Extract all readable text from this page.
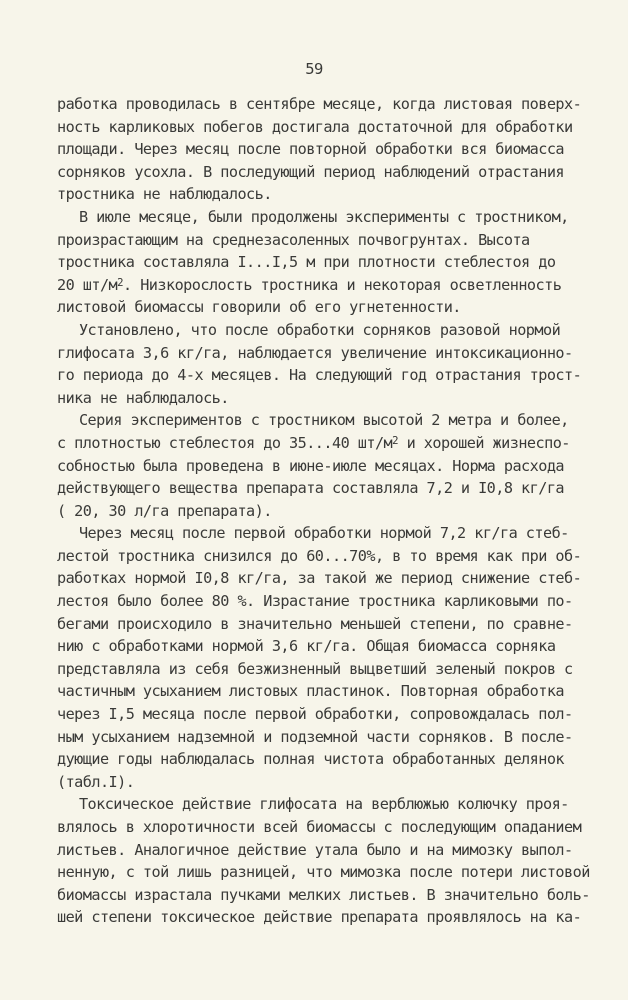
59
работка проводилась в сентябре месяце, когда листовая поверх-
ность карликовых побегов достигала достаточной для обработки
площади. Через месяц после повторной обработки вся биомасса
сорняков усохла. В последующий период наблюдений отрастания
тростника не наблюдалось.
В июле месяце, были продолжены эксперименты с тростником,
произрастающим на среднезасоленных почвогрунтах. Высота
тростника составляла I...I,5 м при плотности стеблестоя до
20 $шт/м^2$. Низкорослость тростника и некоторая осветленность
листовой биомассы говорили об его угнетенности.
Установлено, что после обработки сорняков разовой нормой
глифосата 3,6 кг/га, наблюдается увеличение интоксикационно-
го периода до 4-х месяцев. На следующий год отрастания трост-
ника не наблюдалось.
Серия экспериментов с тростником высотой 2 метра и более,
с плотностью стеблестоя до 35...40 $шт/м^2$ и хорошей жизнеспо-
собностью была проведена в июне-июле месяцах. Норма расхода
действующего вещества препарата составляла 7,2 и I0,8 кг/га
( 20, 30 л/га препарата).
Через месяц после первой обработки нормой 7,2 кг/га стеб-
лестой тростника снизился до 60...70%, в то время как при об-
работках нормой I0,8 кг/га, за такой же период снижение стеб-
лестоя было более 80 %. Изрaстание тростника карликовыми по-
бегами происходило в значительно меньшей степени, по сравне-
нию с обработками нормой 3,6 кг/га. Общая биомасса сорняка
представляла из себя безжизненный выцветший зеленый покров с
частичным усыханием листовых пластинок. Повторная обработка
через I,5 месяца после первой обработки, сопровождалась пол-
ным усыханием надземной и подземной части сорняков. В после-
дующие годы наблюдалась полная чистота обработанных делянок
(табл.I).
Токсическое действие глифосата на верблюжью колючку проя-
влялось в хлоротичности всей биомассы с последующим опаданием
листьев. Аналогичное действие утала было и на мимозку выпол-
ненную, с той лишь разницей, что мимозка после потери листовой
биомассы изрaстала пучками мелких листьев. В значительно боль-
шей степени токсическое действие препарата проявлялось на ка-
